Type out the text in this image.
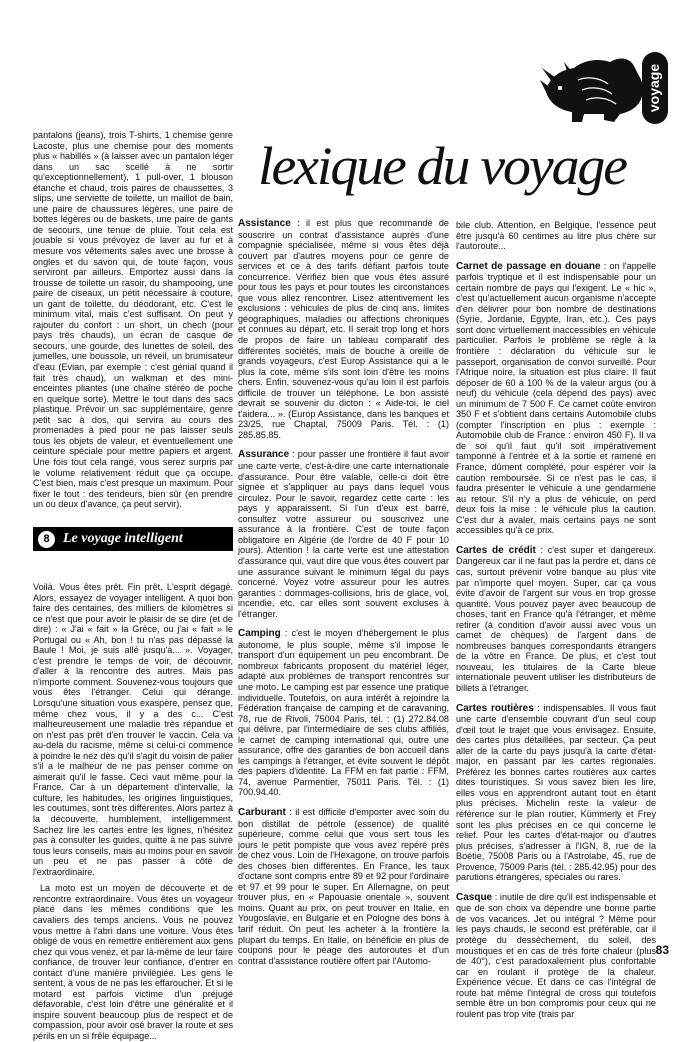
voyage
lexique du voyage

pantalons (jeans), trois T-shirts, 1 chemise genre Lacoste, plus une chemise pour des moments plus « habillés » (à laisser avec un pantalon léger dans un sac scellé à ne sortir qu'exceptionnellement), 1 pull-over, 1 blouson étanche et chaud, trois paires de chaussettes, 3 slips, une serviette de toilette, un maillot de bain, une paire de chaussures légères, une paire de bottes légères ou de baskets, une paire de gants de secours, une tenue de pluie. Tout cela est jouable si vous prévoyez de laver au fur et à mesure vos vêtements sales avec une brosse à ongles et du savon qui, de toute façon, vous serviront par ailleurs. Emportez aussi dans la trousse de toilette un rasoir, du shampooing, une paire de ciseaux, un petit nécessaire à couture, un gant de toilette, du déodorant, etc. C'est le minimum vital, mais c'est suffisant. On peut y rajouter du confort : un short, un chech (pour pays très chauds), un écran de casque de secours, une gourde, des lunettes de soleil, des jumelles, une boussole, un réveil, un brumisateur d'eau (Evian, par exemple ; c'est génial quand il fait très chaud), un walkman et des mini-enceintes pliantes (une chaîne stéréo de poche en quelque sorte). Mettre le tout dans des sacs plastique. Prévoir un sac supplémentaire, genre petit sac à dos, qui servira au cours des promenades à pied pour ne pas laisser seuls tous les objets de valeur, et éventuellement une ceinture spéciale pour mettre papiers et argent. Une fois tout cela rangé, vous serez surpris par le volume relativement réduit que ça occupe. C'est bien, mais c'est presque un maximum. Pour fixer le tout : des tendeurs, bien sûr (en prendre un ou deux d'avance, ça peut servir).

8 Le voyage intelligent

Voilà. Vous êtes prêt. Fin prêt. L'esprit dégagé. Alors, essayez de voyager intelligent. A quoi bon faire des centaines, des milliers de kilomètres si ce n'est que pour avoir le plaisir de se dire (et de dire) : « J'ai « fait » la Grèce, ou j'ai « fait » le Portugal ou « Ah, bon ! tu n'as pas dépassé la Baule ! Moi, je suis allé jusqu'à... ». Voyager, c'est prendre le temps de voir, de découvrir, d'aller à la rencontre des autres. Mais pas n'importe comment. Souvenez-vous toujours que vous êtes l'étranger. Celui qui dérange. Lorsqu'une situation vous exaspère, pensez que, même chez vous, il y a des c... C'est malheureusement une maladie très répandue et on n'est pas prêt d'en trouver le vaccin. Cela va au-delà du racisme, même si celui-ci commence à poindre le nez dès qu'il s'agit du voisin de palier s'il a le malheur de ne pas penser comme on aimerait qu'il le fasse. Ceci vaut même pour la France. Car à un département d'intervalle, la culture, les habitudes, les origines linguistiques, les coutumes, sont très différentes. Alors partez à la découverte, humblement, intelligemment. Sachez lire les cartes entre les lignes, n'hésitez pas à consulter les guides, quitte à ne pas suivre tous leurs conseils, mais au moins pour en savoir un peu et ne pas passer à côté de l'extraordinaire.

La moto est un moyen de découverte et de rencontre extraordinaire. Vous êtes un voyageur placé dans les mêmes conditions que les cavaliers des temps anciens. Vous ne pouvez vous mettre à l'abri dans une voiture. Vous êtes obligé de vous en remettre entièrement aux gens chez qui vous venez, et par là-même de leur faire confiance, de trouver leur confiance, d'entrer en contact d'une manière privilégiée. Les gens le sentent, à vous de ne pas les effaroucher. Et si le motard est parfois victime d'un préjugé défavorable, c'est loin d'être une généralité et il inspire souvent beaucoup plus de respect et de compassion, pour avoir osé braver la route et ses périls en un si frêle équipage...

Assistance : il est plus que recommandé de souscrire un contrat d'assistance auprès d'une compagnie spécialisée, même si vous êtes déjà couvert par d'autres moyens pour ce genre de services et ce à des tarifs défiant parfois toute concurrence. Vérifiez bien que vous êtes assuré pour tous les pays et pour toutes les circonstances que vous allez rencontrer. Lisez attentivement les exclusions : véhicules de plus de cinq ans, limites géographiques, maladies ou affections chroniques et connues au départ, etc. Il serait trop long et hors de propos de faire un tableau comparatif des différentes sociétés, mais de bouche à oreille de grands voyageurs, c'est Europ Assistance qui a le plus la cote, même s'ils sont loin d'être les moins chers. Enfin, souvenez-vous qu'au loin il est parfois difficile de trouver un téléphone. Le bon assisté devrait se souvenir du dicton : « Aide-toi, le ciel t'aidera... ». (Europ Assistance, dans les banques et 23/25, rue Chaptal, 75009 Paris. Tél. : (1) 285.85.85.
Assurance : pour passer une frontière il faut avoir une carte verte, c'est-à-dire une carte internationale d'assurance. Pour être valable, celle-ci doit être signée et s'appliquer au pays dans lequel vous circulez. Pour le savoir, regardez cette carte : les pays y apparaissent. Si l'un d'eux est barré, consultez votre assureur ou souscrivez une assurance à la frontière. C'est de toute façon obligatoire en Algérie (de l'ordre de 40 F pour 10 jours). Attention ! la carte verte est une attestation d'assurance qui, vaut dire que vous êtes couvert par une assurance suivant le minimum légal du pays concerné. Voyez votre assureur pour les autres garanties : dommages-collisions, bris de glace, vol, incendie, etc. car elles sont souvent excluses à l'étranger.
Camping : c'est le moyen d'hébergement le plus autonome, le plus souple, même s'il impose le transport d'un équipement un peu encombrant. De nombreux fabricants proposent du matériel léger, adapté aux problèmes de transport rencontrés sur une moto. Le camping est par essence une pratique individuelle. Toutefois, on aura intérêt à rejoindre la Fédération française de camping et de caravaning, 78, rue de Rivoli, 75004 Paris, tél. : (1) 272.84.08 qui délivre, par l'intermédiaire de ses clubs affiliés, le carnet de camping international qui, outre une assurance, offre des garanties de bon accueil dans les campings à l'étranger, et évite souvent le dépôt des papiers d'identité. La FFM en fait partie : FFM, 74, avenue Parmentier, 75011 Paris. Tél. : (1) 700.94.40.
Carburant : il est difficile d'emporter avec soin du bon distillat de pétrole (essence) de qualité supérieure, comme celui que vous sert tous les jours le petit pompiste que vous avez repéré près de chez vous. Loin de l'Hexagone, on trouve parfois des choses bien différentes. En France, les taux d'octane sont compris entre 89 et 92 pour l'ordinaire et 97 et 99 pour le super. En Allemagne, on peut trouver plus, en « Papouasie orientale », souvent moins. Quant au prix, on peut trouver en Italie, en Yougoslavie, en Bulgarie et en Pologne des bons à tarif réduit. On peut les acheter à la frontière la plupart du temps. En Italie, on bénéficie en plus de coupons pour le péage des autoroutes et d'un contrat d'assistance routière offert par l'Automo-

bile club. Attention, en Belgique, l'essence peut être jusqu'à 60 centimes au litre plus chère sur l'autoroute...

Carnet de passage en douane : on l'appelle parfois tryptique et il est indispensable pour un certain nombre de pays qui l'exigent. Le « hic », c'est qu'actuellement aucun organisme n'accepte d'en délivrer pour bon nombre de destinations (Syrie, Jordanie, Egypte, Iran, etc.). Ces pays sont donc virtuellement inaccessibles en véhicule particulier. Parfois le problème se règle à la frontière : déclaration du véhicule sur le passeport, organisation de convoi surveillé. Pour l'Afrique noire, la situation est plus claire. Il faut déposer de 60 à 100 % de la valeur argus (ou à neuf) du véhicule (cela dépend des pays) avec un minimum de 7 500 F. Ce carnet coûte environ 350 F et s'obtient dans certains Automobile clubs (compter l'inscription en plus : exemple : Automobile club de France : environ 450 F). Il va de soi qu'il faut qu'il soit impérativement tamponné à l'entrée et à la sortie et ramené en France, dûment complété, pour espérer voir la caution remboursée. Si ce n'est pas le cas, il faudra présenter le véhicule à une gendarmerie au retour. S'il n'y a plus de véhicule, on perd deux fois la mise : le véhicule plus la caution. C'est dur à avaler, mais certains pays ne sont accessibles qu'à ce prix.
Cartes de crédit : c'est super et dangereux. Dangereux car il ne faut pas la perdre et, dans ce cas, surtout prévenir votre banque au plus vite par n'importe quel moyen. Super, car ça vous évite d'avoir de l'argent sur vous en trop grosse quantité. Vous pouvez payer avec beaucoup de choses, tant en France qu'à l'étranger, et même retirer (à condition d'avoir aussi avec vous un carnet de chèques) de l'argent dans de nombreuses banques correspondants étrangers de la vôtre en France. De plus, et c'est tout nouveau, les titulaires de la Carte bleue internationale peuvent utiliser les distributeurs de billets à l'étranger.
Cartes routières : indispensables. Il vous faut une carte d'ensemble couvrant d'un seul coup d'œil tout le trajet que vous envisagez. Ensuite, des cartes plus détaillées, par secteur. Ça peut aller de la carte du pays jusqu'à la carte d'état-major, en passant par les cartes régionales. Préférez les bonnes cartes routières aux cartes dites touristiques. Si vous savez bien les lire, elles vous en apprendront autant tout en étant plus précises. Michelin reste la valeur de référence sur le plan routier, Kümmerly et Frey sont les plus précises en ce qui concerne le relief. Pour les cartes d'état-major ou d'autres plus précises, s'adresser à l'IGN, 8, rue de la Boétie, 75008 Paris ou à l'Astrolabe, 45, rue de Provence, 75009 Paris (tél. : 285.42.95) pour des parutions étrangères, spéciales ou rares.
Casque : inutile de dire qu'il est indispensable et que de son choix va dépendre une bonne partie de vos vacances. Jet ou intégral ? Même pour les pays chauds, le second est préférable, car il protège du dessèchement, du soleil, des moustiques et en cas de très forte chaleur (plus de 40°), c'est paradoxalement plus confortable car en roulant il protège de la chaleur. Expérience vécue. Et dans ce cas l'intégral de route bat même l'intégral de cross qui toutefois semble être un bon compromis pour ceux qui ne roulent pas trop vite (trais par
83
